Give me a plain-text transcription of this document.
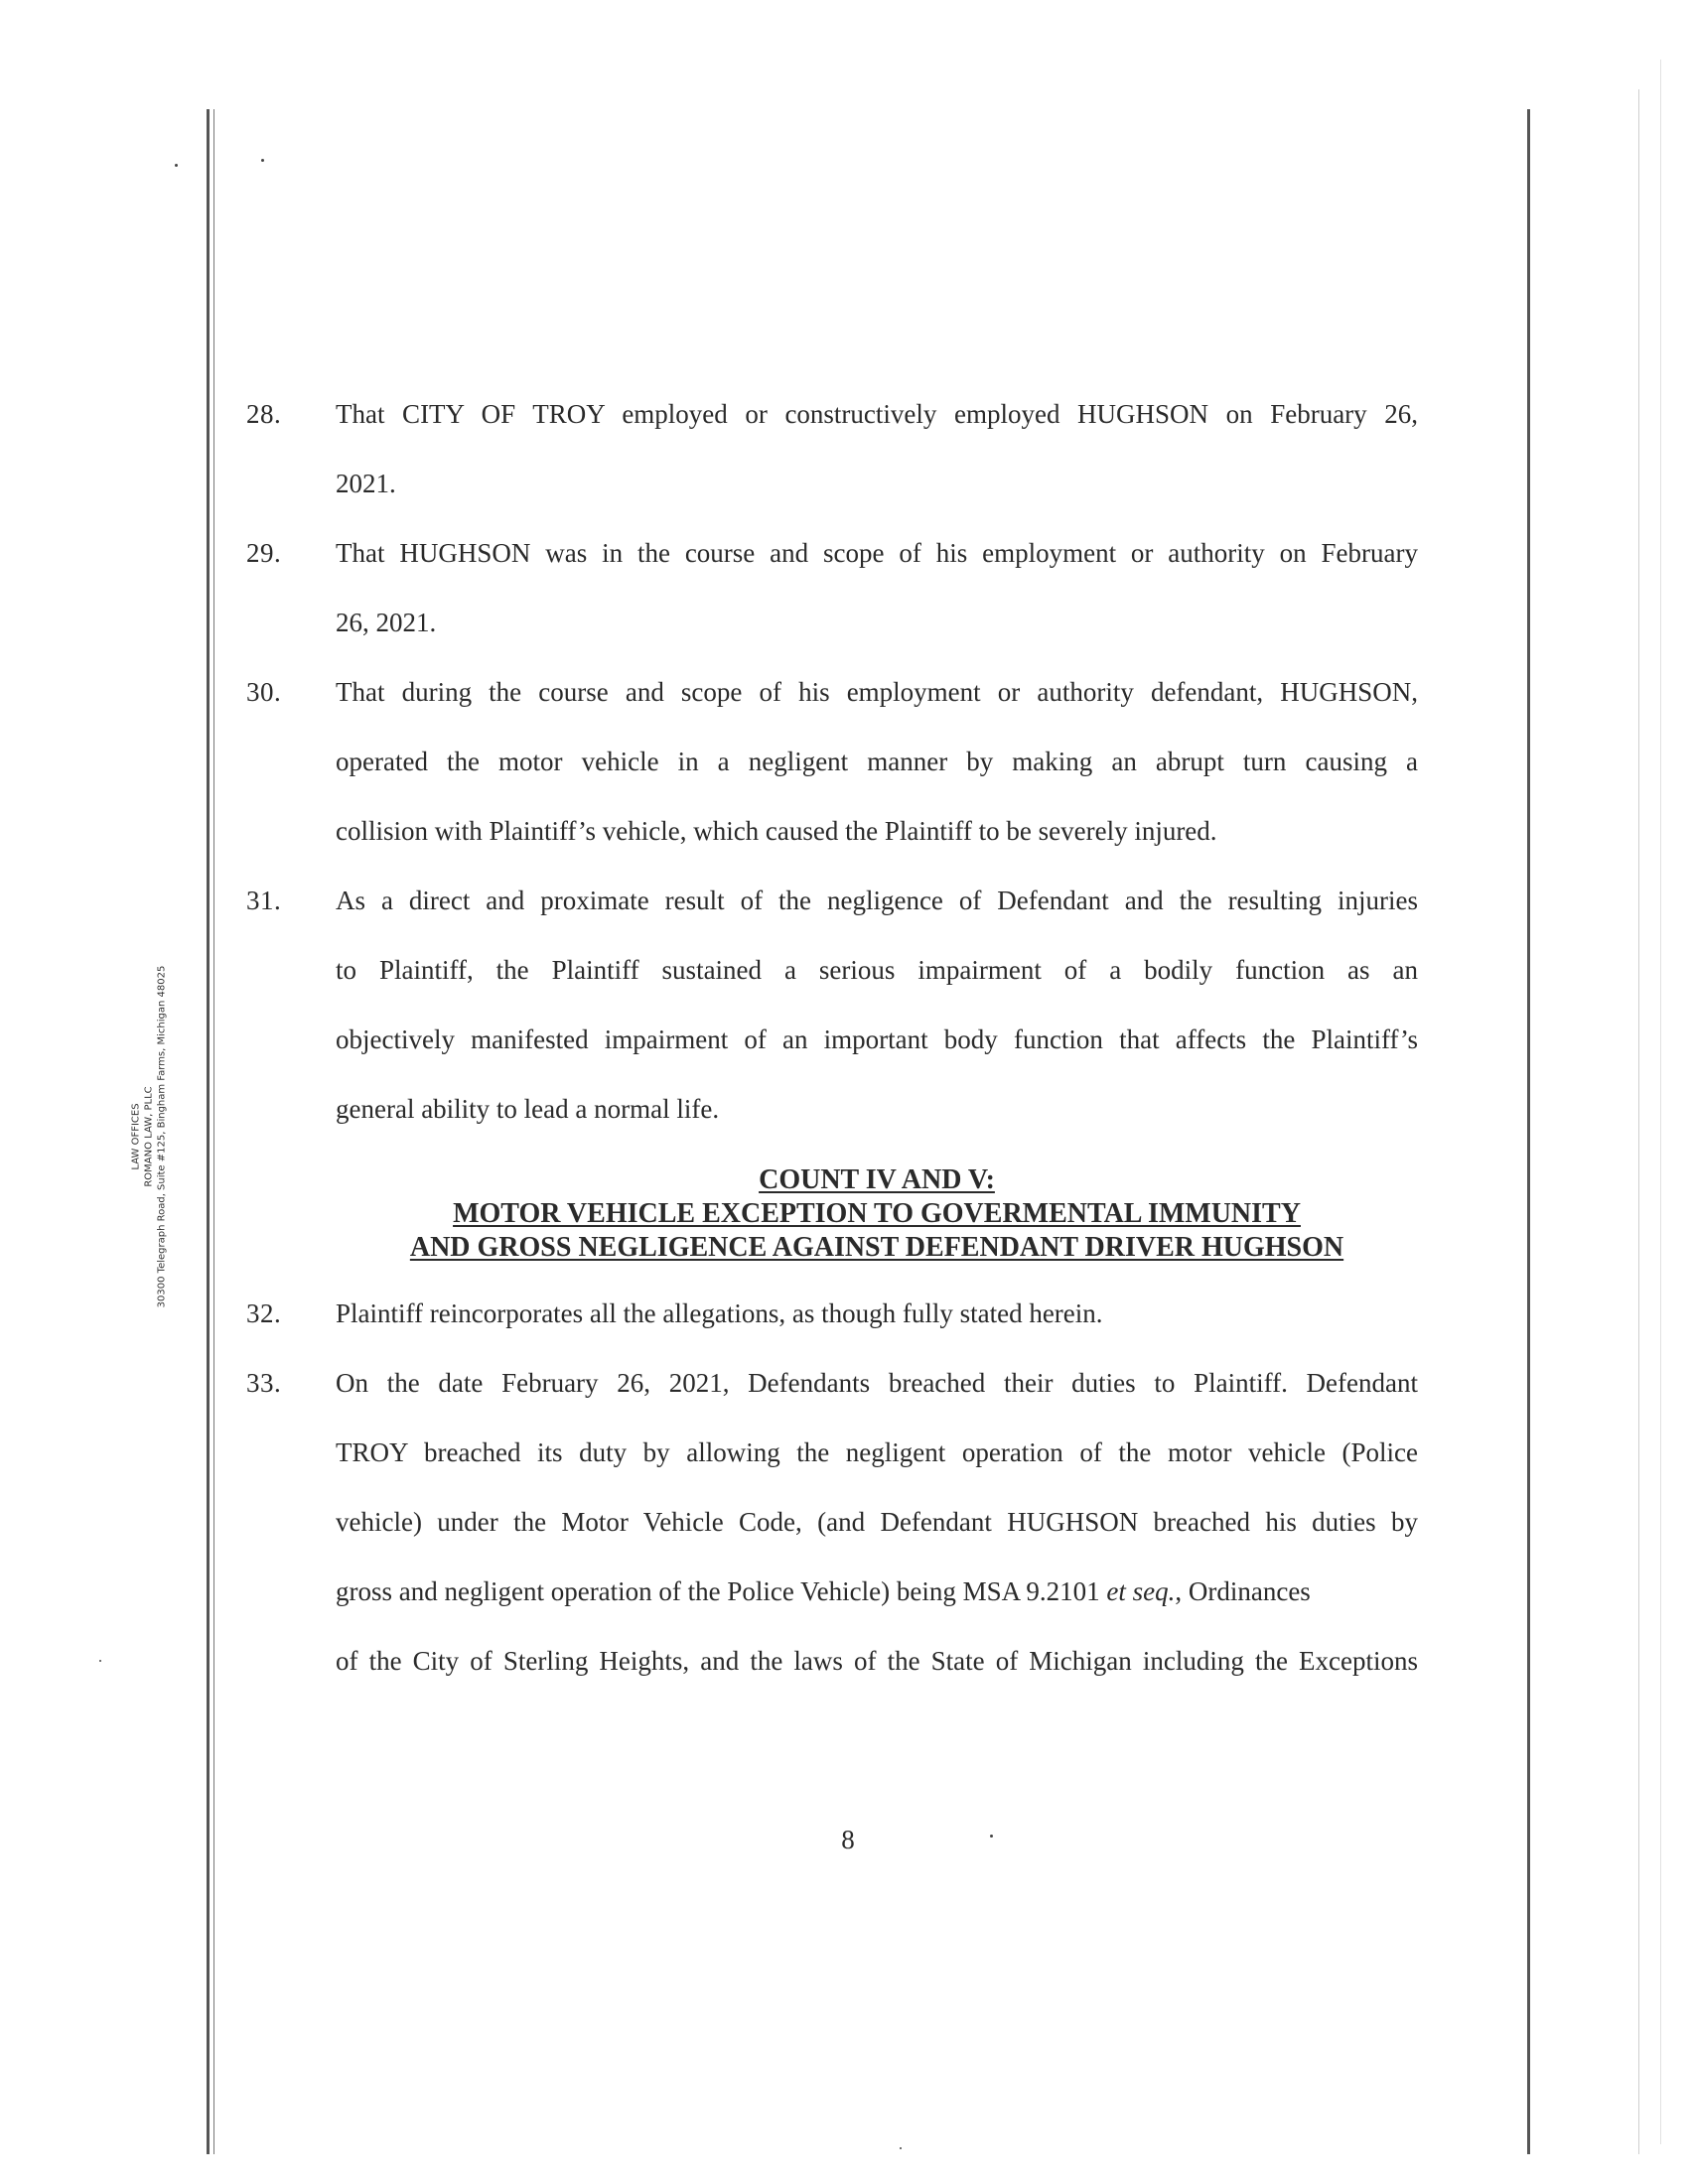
LAW OFFICES ROMANO LAW, PLLC 30300 Telegraph Road, Suite #125, Bingham Farms, Michigan 48025
28. That CITY OF TROY employed or constructively employed HUGHSON on February 26,
2021.
29. That HUGHSON was in the course and scope of his employment or authority on February
26, 2021.
30. That during the course and scope of his employment or authority defendant, HUGHSON,
operated the motor vehicle in a negligent manner by making an abrupt turn causing a
collision with Plaintiff’s vehicle, which caused the Plaintiff to be severely injured.
31. As a direct and proximate result of the negligence of Defendant and the resulting injuries
to Plaintiff, the Plaintiff sustained a serious impairment of a bodily function as an
objectively manifested impairment of an important body function that affects the Plaintiff’s
general ability to lead a normal life.
COUNT IV AND V:
MOTOR VEHICLE EXCEPTION TO GOVERMENTAL IMMUNITY
AND GROSS NEGLIGENCE AGAINST DEFENDANT DRIVER HUGHSON
32. Plaintiff reincorporates all the allegations, as though fully stated herein.
33. On the date February 26, 2021, Defendants breached their duties to Plaintiff. Defendant
TROY breached its duty by allowing the negligent operation of the motor vehicle (Police
vehicle) under the Motor Vehicle Code, (and Defendant HUGHSON breached his duties by
gross and negligent operation of the Police Vehicle) being MSA 9.2101 et seq., Ordinances
of the City of Sterling Heights, and the laws of the State of Michigan including the Exceptions
8
